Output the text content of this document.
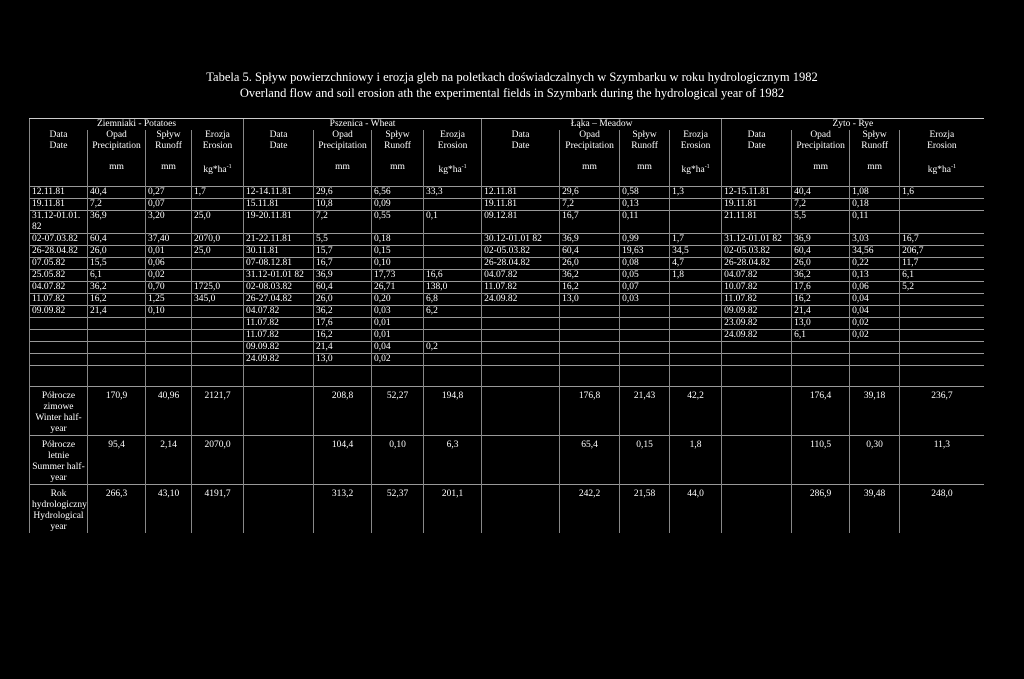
Tabela 5. Spływ powierzchniowy i erozja gleb na poletkach doświadczalnych w Szymbarku w roku hydrologicznym 1982
Overland flow and soil erosion ath the experimental fields in Szymbark during the hydrological year of 1982
Ziemniaki - Potatoes				Pszenica - Wheat				Łąka – Meadow				Żyto - Rye			
Data	Opad	Spływ	Erozja	Data	Opad	Spływ	Erozja	Data	Opad	Spływ	Erozja	Data	Opad	Spływ	Erozja
Date	Precipitation	Runoff	Erosion	Date	Precipitation	Runoff	Erosion	Date	Precipitation	Runoff	Erosion	Date	Precipitation	Runoff	Erosion
	mm	mm	$kg*ha^{-1}$		mm	mm	$kg*ha^{-1}$		mm	mm	$kg*ha^{-1}$		mm	mm	$kg*ha^{-1}$
12.11.81	40,4	0,27	1,7	12-14.11.81	29,6	6,56	33,3	12.11.81	29,6	0,58	1,3	12-15.11.81	40,4	1,08	1,6
19.11.81	7,2	0,07		15.11.81	10,8	0,09		19.11.81	7,2	0,13		19.11.81	7,2	0,18	
31.12-01.01. 82	36,9	3,20	25,0	19-20.11.81	7,2	0,55	0,1	09.12.81	16,7	0,11		21.11.81	5,5	0,11	
02-07.03.82	60,4	37,40	2070,0	21-22.11.81	5,5	0,18		30.12-01.01 82	36,9	0,99	1,7	31.12-01.01 82	36,9	3,03	16,7
26-28.04.82	26,0	0,01	25,0	30.11.81	15,7	0,15		02-05.03.82	60,4	19,63	34,5	02-05.03.82	60,4	34,56	206,7
07.05.82	15,5	0,06		07-08.12.81	16,7	0,10		26-28.04.82	26,0	0,08	4,7	26-28.04.82	26,0	0,22	11,7
25.05.82	6,1	0,02		31.12-01.01 82	36,9	17,73	16,6	04.07.82	36,2	0,05	1,8	04.07.82	36,2	0,13	6,1
04.07.82	36,2	0,70	1725,0	02-08.03.82	60,4	26,71	138,0	11.07.82	16,2	0,07		10.07.82	17,6	0,06	5,2
11.07.82	16,2	1,25	345,0	26-27.04.82	26,0	0,20	6,8	24.09.82	13,0	0,03		11.07.82	16,2	0,04	
09.09.82	21,4	0,10		04.07.82	36,2	0,03	6,2					09.09.82	21,4	0,04	
				11.07.82	17,6	0,01						23.09.82	13,0	0,02	
				11.07.82	16,2	0,01						24.09.82	6,1	0,02	
				09.09.82	21,4	0,04	0,2								
				24.09.82	13,0	0,02									

Półrocze zimowe Winter half-year	170,9	40,96	2121,7		208,8	52,27	194,8		176,8	21,43	42,2		176,4	39,18	236,7
Półrocze letnie Summer half-year	95,4	2,14	2070,0		104,4	0,10	6,3		65,4	0,15	1,8		110,5	0,30	11,3
Rok hydrologiczny Hydrological year	266,3	43,10	4191,7		313,2	52,37	201,1		242,2	21,58	44,0		286,9	39,48	248,0
